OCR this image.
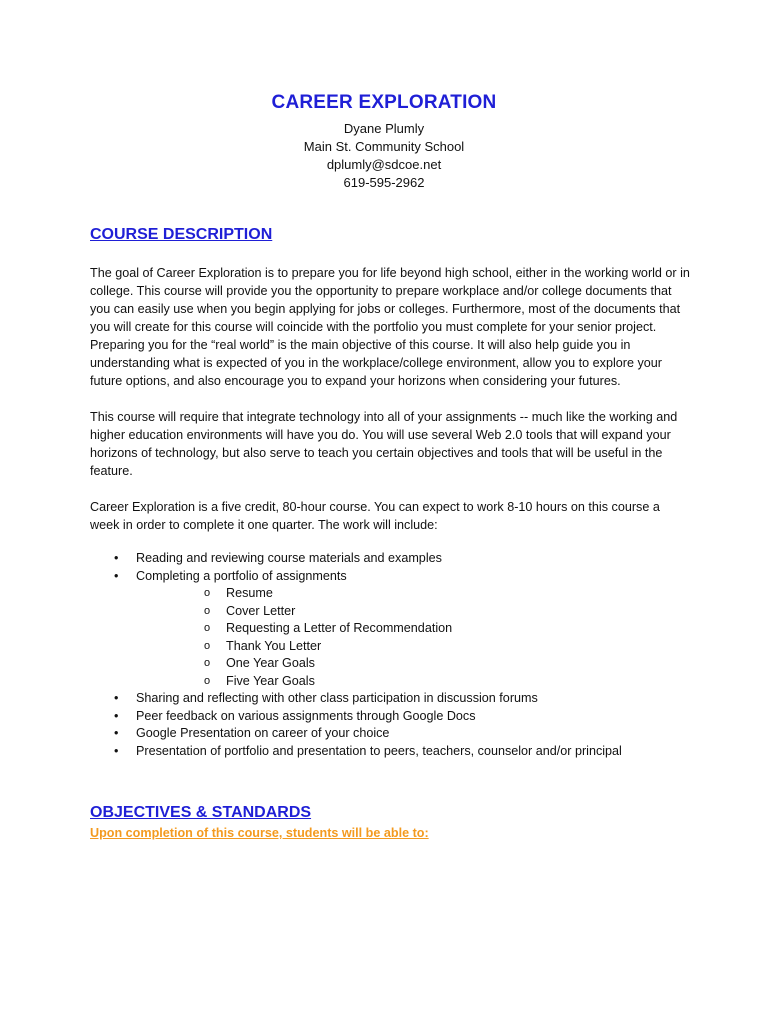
CAREER EXPLORATION

Dyane Plumly

Main St. Community School

dplumly@sdcoe.net

619-595-2962

COURSE DESCRIPTION

The goal of Career Exploration is to prepare you for life beyond high school, either in the working world or in college. This course will provide you the opportunity to prepare workplace and/or college documents that you can easily use when you begin applying for jobs or colleges. Furthermore, most of the documents that you will create for this course will coincide with the portfolio you must complete for your senior project. Preparing you for the “real world” is the main objective of this course. It will also help guide you in understanding what is expected of you in the workplace/college environment, allow you to explore your future options, and also encourage you to expand your horizons when considering your futures.

This course will require that integrate technology into all of your assignments -- much like the working and higher education environments will have you do. You will use several Web 2.0 tools that will expand your horizons of technology, but also serve to teach you certain objectives and tools that will be useful in the feature.

Career Exploration is a five credit, 80-hour course. You can expect to work 8-10 hours on this course a week in order to complete it one quarter. The work will include:

• Reading and reviewing course materials and examples
• Completing a portfolio of assignments
o Resume
o Cover Letter
o Requesting a Letter of Recommendation
o Thank You Letter
o One Year Goals
o Five Year Goals
• Sharing and reflecting with other class participation in discussion forums
• Peer feedback on various assignments through Google Docs
• Google Presentation on career of your choice
• Presentation of portfolio and presentation to peers, teachers, counselor and/or principal
OBJECTIVES & STANDARDS

Upon completion of this course, students will be able to:
